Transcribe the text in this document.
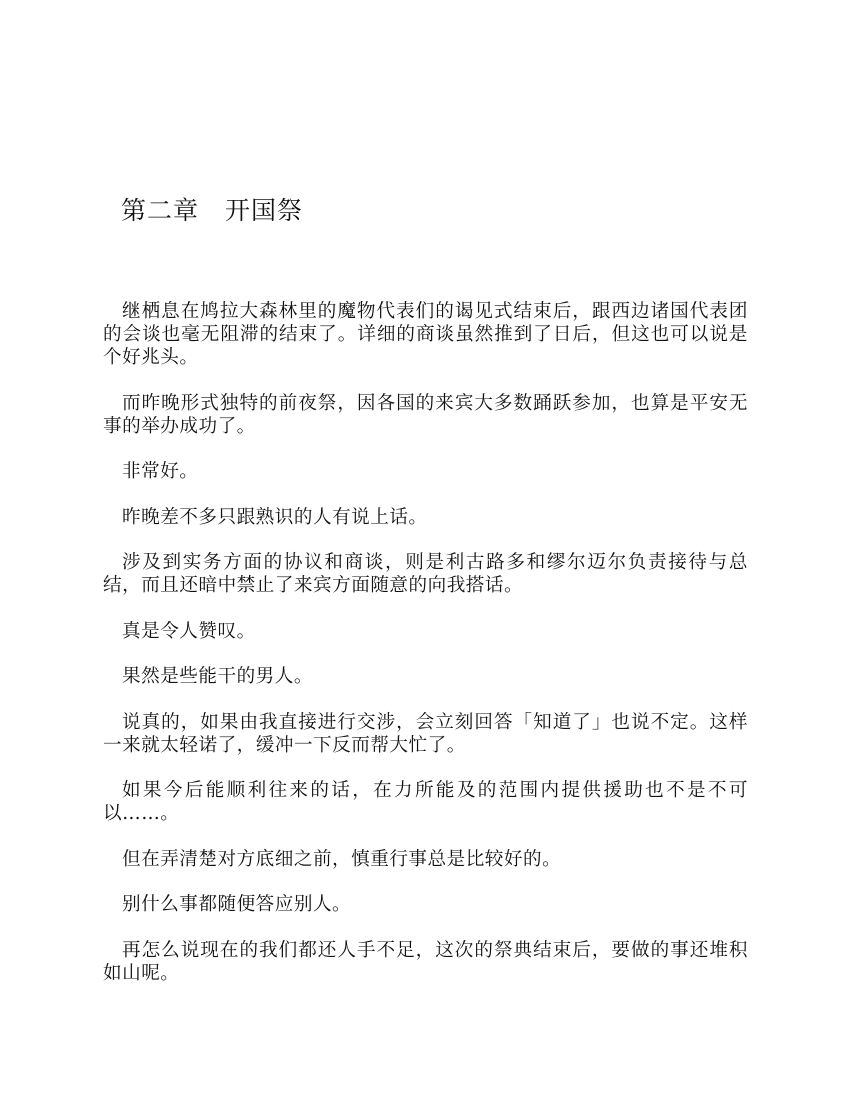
第二章　开国祭

继栖息在鸠拉大森林里的魔物代表们的谒见式结束后，跟西边诸国代表团的会谈也毫无阻滞的结束了。详细的商谈虽然推到了日后，但这也可以说是个好兆头。

而昨晚形式独特的前夜祭，因各国的来宾大多数踊跃参加，也算是平安无事的举办成功了。

非常好。

昨晚差不多只跟熟识的人有说上话。

涉及到实务方面的协议和商谈，则是利古路多和缪尔迈尔负责接待与总结，而且还暗中禁止了来宾方面随意的向我搭话。

真是令人赞叹。

果然是些能干的男人。

说真的，如果由我直接进行交涉，会立刻回答「知道了」也说不定。这样一来就太轻诺了，缓冲一下反而帮大忙了。

如果今后能顺利往来的话，在力所能及的范围内提供援助也不是不可以……。

但在弄清楚对方底细之前，慎重行事总是比较好的。

别什么事都随便答应别人。

再怎么说现在的我们都还人手不足，这次的祭典结束后，要做的事还堆积如山呢。
